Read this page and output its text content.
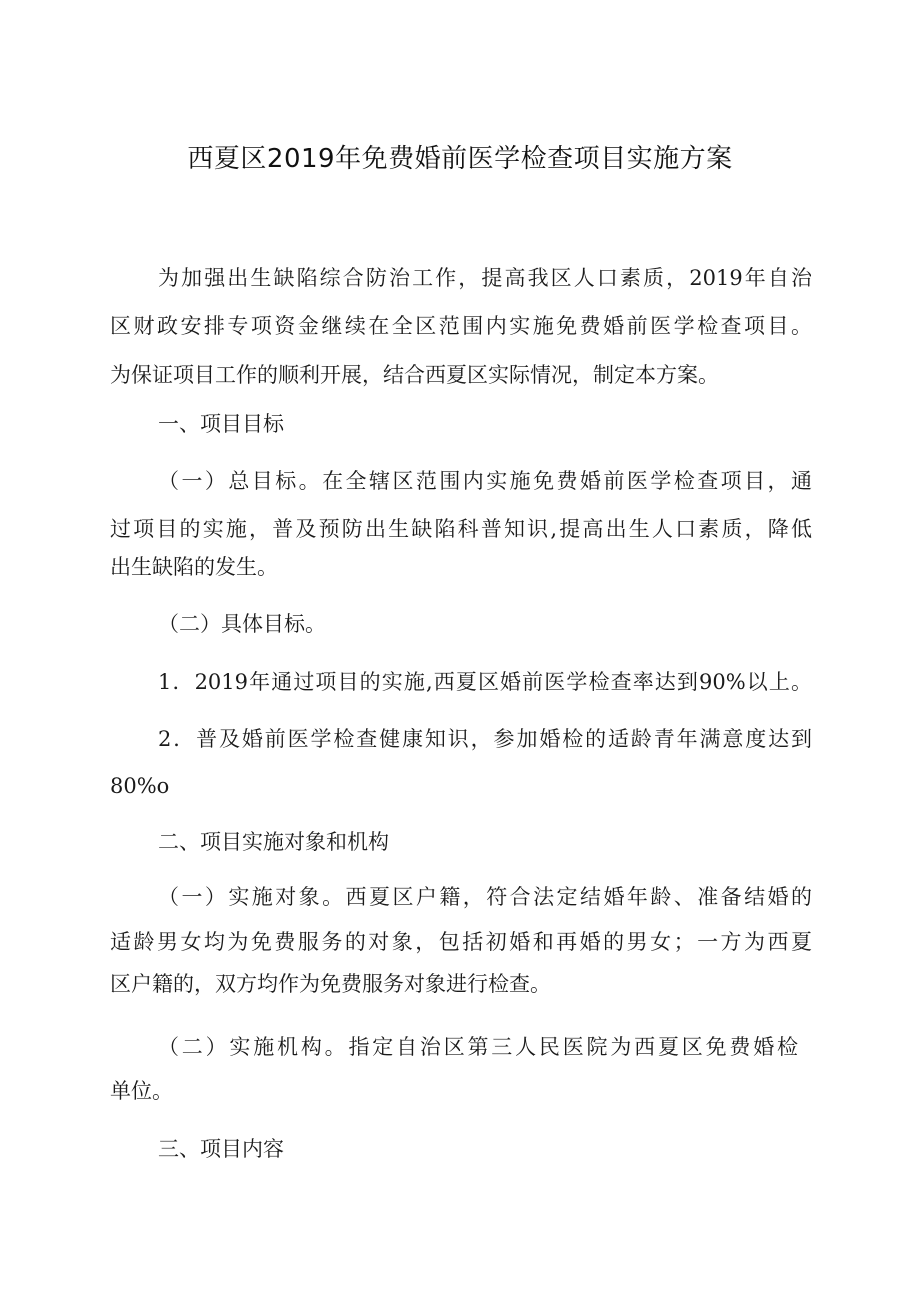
西夏区2019年免费婚前医学检查项目实施方案
为加强出生缺陷综合防治工作，提高我区人口素质，2019年自治
区财政安排专项资金继续在全区范围内实施免费婚前医学检查项目。
为保证项目工作的顺利开展，结合西夏区实际情况，制定本方案。
一、项目目标
（一）总目标。在全辖区范围内实施免费婚前医学检查项目，通
过项目的实施，普及预防出生缺陷科普知识,提高出生人口素质，降低
出生缺陷的发生。
（二）具体目标。
1．2019年通过项目的实施,西夏区婚前医学检查率达到90%以上。
2．普及婚前医学检查健康知识，参加婚检的适龄青年满意度达到
80%o
二、项目实施对象和机构
（一）实施对象。西夏区户籍，符合法定结婚年龄、准备结婚的
适龄男女均为免费服务的对象，包括初婚和再婚的男女；一方为西夏
区户籍的，双方均作为免费服务对象进行检查。
（二）实施机构。指定自治区第三人民医院为西夏区免费婚检
单位。
三、项目内容
